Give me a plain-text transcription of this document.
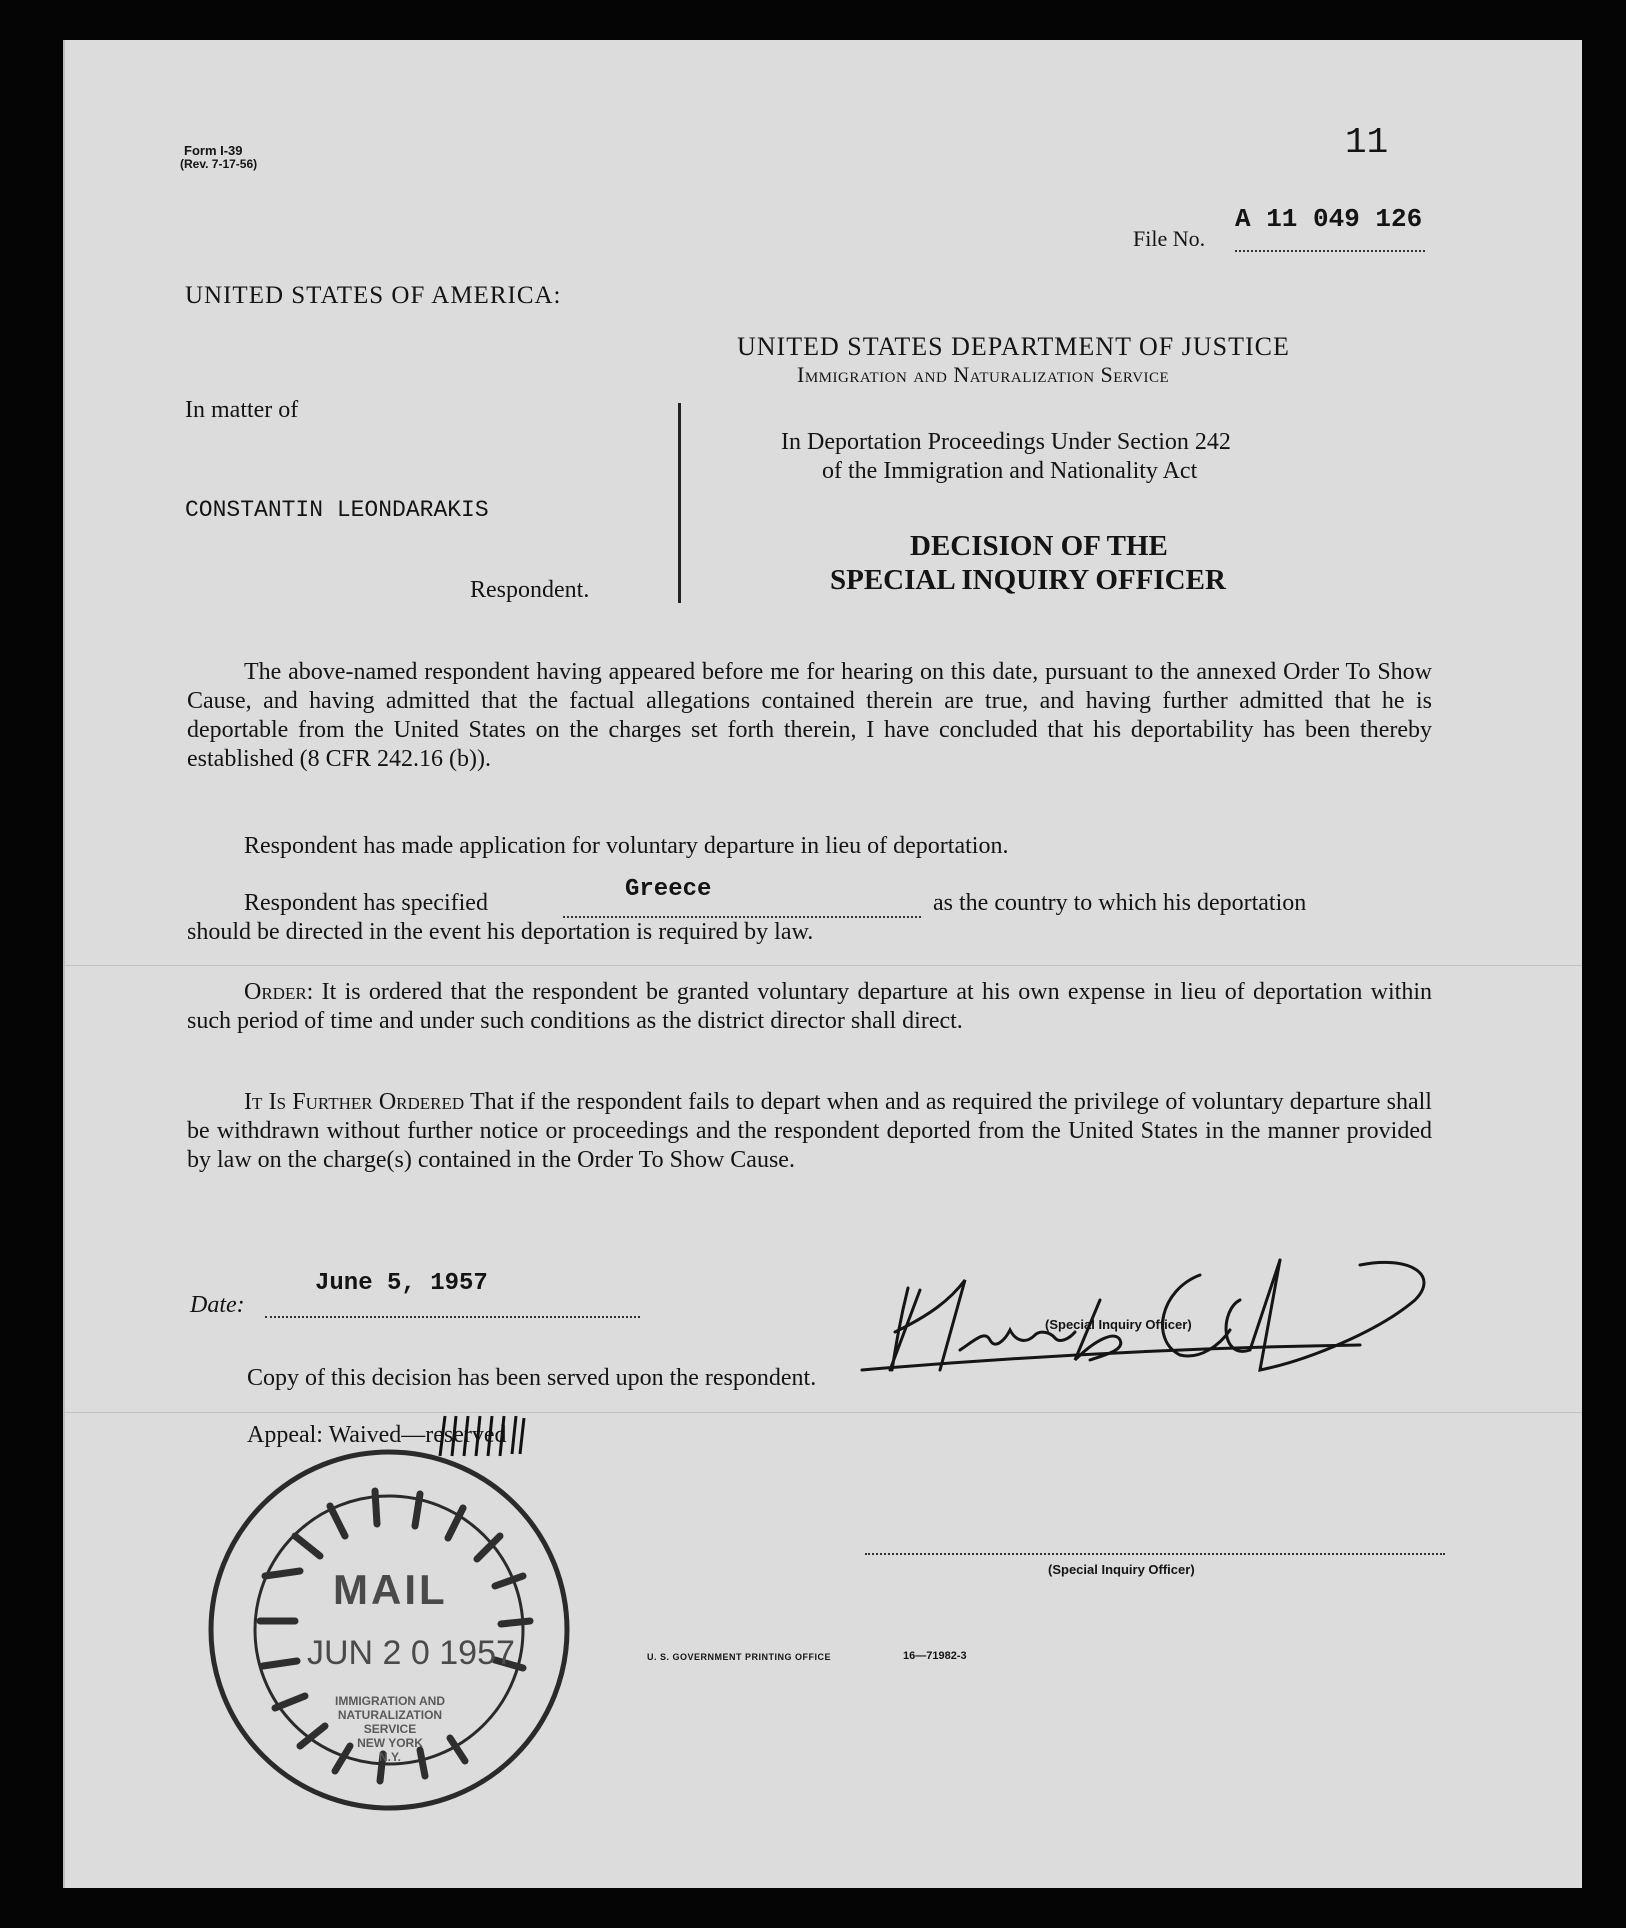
Form I-39
(Rev. 7-17-56)
11
File No.
A 11 049 126
UNITED STATES OF AMERICA:
In matter of
CONSTANTIN LEONDARAKIS
Respondent.
UNITED STATES DEPARTMENT OF JUSTICE
Immigration and Naturalization Service
In Deportation Proceedings Under Section 242
of the Immigration and Nationality Act
DECISION OF THE
SPECIAL INQUIRY OFFICER

The above-named respondent having appeared before me for hearing on this date, pursuant to the annexed Order To Show Cause, and having admitted that the factual allegations contained therein are true, and having further admitted that he is deportable from the United States on the charges set forth therein, I have concluded that his deportability has been thereby established (8 CFR 242.16 (b)).

Respondent has made application for voluntary departure in lieu of deportation.

Respondent has specified	Greece	as the country to which his deportation
should be directed in the event his deportation is required by law.

Order: It is ordered that the respondent be granted voluntary departure at his own expense in lieu of deportation within such period of time and under such conditions as the district director shall direct.

It Is Further Ordered That if the respondent fails to depart when and as required the privilege of voluntary departure shall be withdrawn without further notice or proceedings and the respondent deported from the United States in the manner provided by law on the charge(s) contained in the Order To Show Cause.

Date:
June 5, 1957
(Special Inquiry Officer)
Copy of this decision has been served upon the respondent.
Appeal: Waived—reserved
(Special Inquiry Officer)
MAIL
JUN 2 0 1957
IMMIGRATION AND
NATURALIZATION
SERVICE
NEW YORK
N.Y.
U. S. GOVERNMENT PRINTING OFFICE	16—71982-3
